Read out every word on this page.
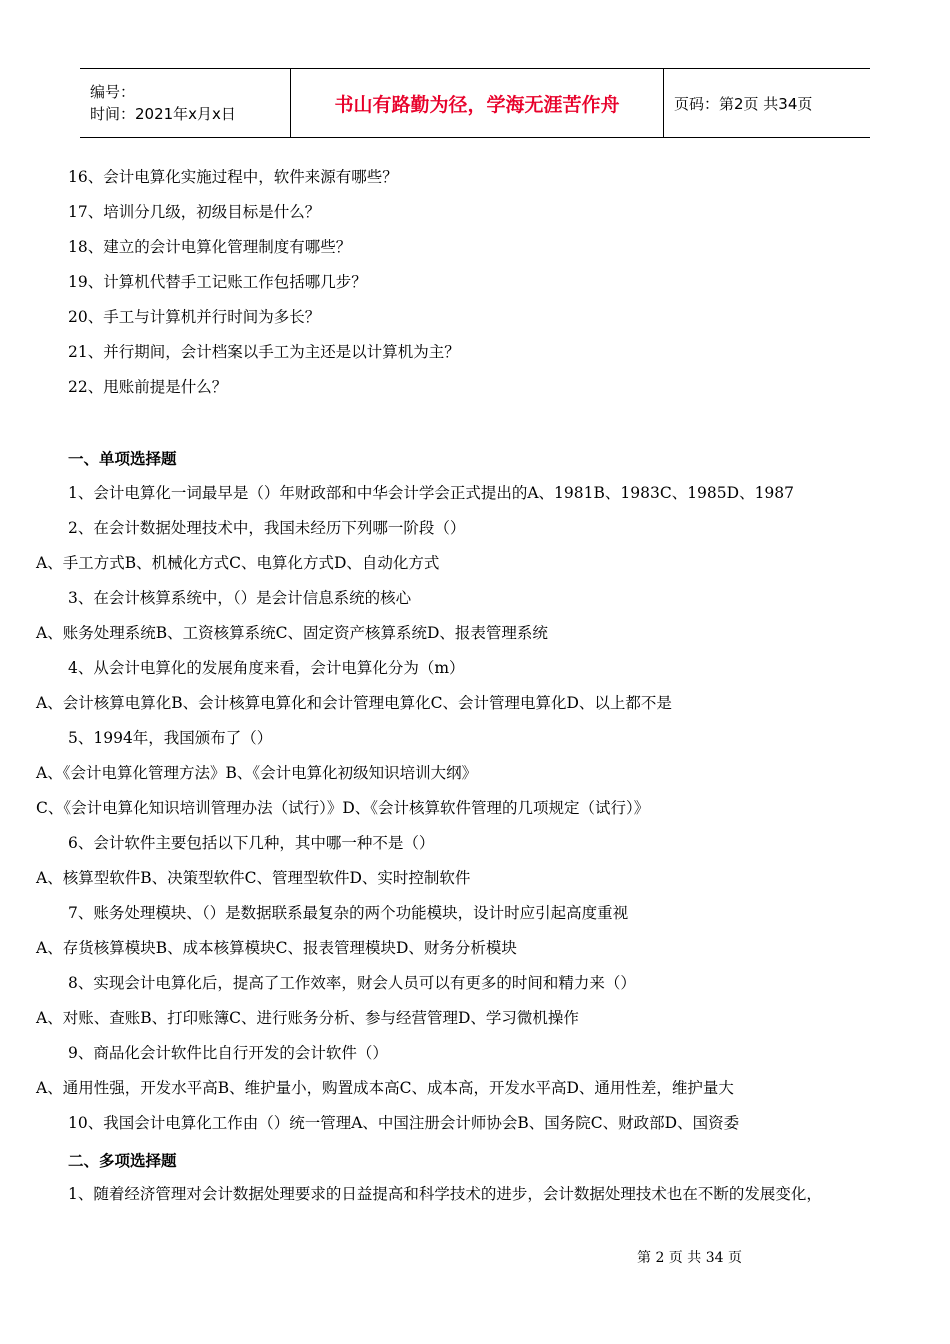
编号：
时间：2021年x月x日	书山有路勤为径，学海无涯苦作舟	页码：第2页 共34页
16、会计电算化实施过程中，软件来源有哪些？
17、培训分几级，初级目标是什么？
18、建立的会计电算化管理制度有哪些？
19、计算机代替手工记账工作包括哪几步？
20、手工与计算机并行时间为多长？
21、并行期间，会计档案以手工为主还是以计算机为主？
22、甩账前提是什么？
一、单项选择题
1、会计电算化一词最早是（）年财政部和中华会计学会正式提出的A、1981B、1983C、1985D、1987
2、在会计数据处理技术中，我国未经历下列哪一阶段（）
A、手工方式B、机械化方式C、电算化方式D、自动化方式
3、在会计核算系统中，（）是会计信息系统的核心
A、账务处理系统B、工资核算系统C、固定资产核算系统D、报表管理系统
4、从会计电算化的发展角度来看，会计电算化分为（m）
A、会计核算电算化B、会计核算电算化和会计管理电算化C、会计管理电算化D、以上都不是
5、1994年，我国颁布了（）
A、《会计电算化管理方法》B、《会计电算化初级知识培训大纲》
C、《会计电算化知识培训管理办法（试行）》D、《会计核算软件管理的几项规定（试行）》
6、会计软件主要包括以下几种，其中哪一种不是（）
A、核算型软件B、决策型软件C、管理型软件D、实时控制软件
7、账务处理模块、（）是数据联系最复杂的两个功能模块，设计时应引起高度重视
A、存货核算模块B、成本核算模块C、报表管理模块D、财务分析模块
8、实现会计电算化后，提高了工作效率，财会人员可以有更多的时间和精力来（）
A、对账、查账B、打印账簿C、进行账务分析、参与经营管理D、学习微机操作
9、商品化会计软件比自行开发的会计软件（）
A、通用性强，开发水平高B、维护量小，购置成本高C、成本高，开发水平高D、通用性差，维护量大
10、我国会计电算化工作由（）统一管理A、中国注册会计师协会B、国务院C、财政部D、国资委
二、多项选择题
1、随着经济管理对会计数据处理要求的日益提高和科学技术的进步，会计数据处理技术也在不断的发展变化，
第 2 页 共 34 页
